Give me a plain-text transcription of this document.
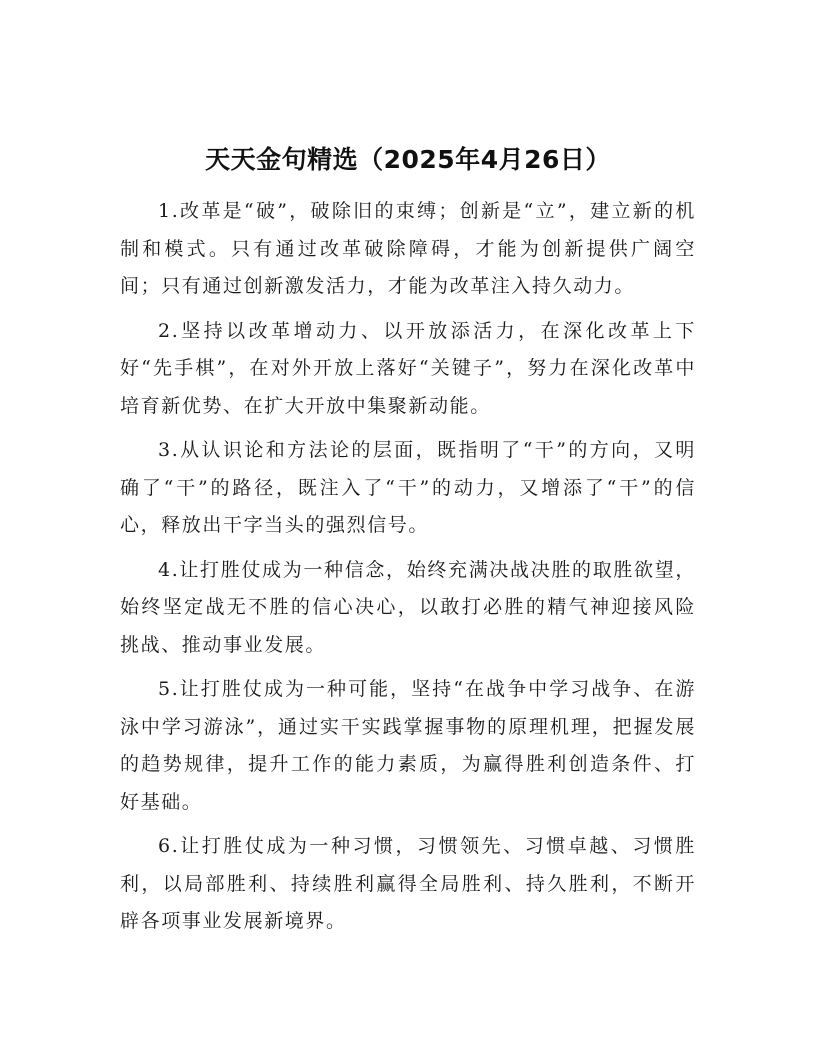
天天金句精选（2025年4月26日）

1.改革是“破”，破除旧的束缚；创新是“立”，建立新的机制和模式。只有通过改革破除障碍，才能为创新提供广阔空间；只有通过创新激发活力，才能为改革注入持久动力。

2.坚持以改革增动力、以开放添活力，在深化改革上下好“先手棋”，在对外开放上落好“关键子”，努力在深化改革中培育新优势、在扩大开放中集聚新动能。

3.从认识论和方法论的层面，既指明了“干”的方向，又明确了“干”的路径，既注入了“干”的动力，又增添了“干”的信心，释放出干字当头的强烈信号。

4.让打胜仗成为一种信念，始终充满决战决胜的取胜欲望，始终坚定战无不胜的信心决心，以敢打必胜的精气神迎接风险挑战、推动事业发展。

5.让打胜仗成为一种可能，坚持“在战争中学习战争、在游泳中学习游泳”，通过实干实践掌握事物的原理机理，把握发展的趋势规律，提升工作的能力素质，为赢得胜利创造条件、打好基础。

6.让打胜仗成为一种习惯，习惯领先、习惯卓越、习惯胜利，以局部胜利、持续胜利赢得全局胜利、持久胜利，不断开辟各项事业发展新境界。
